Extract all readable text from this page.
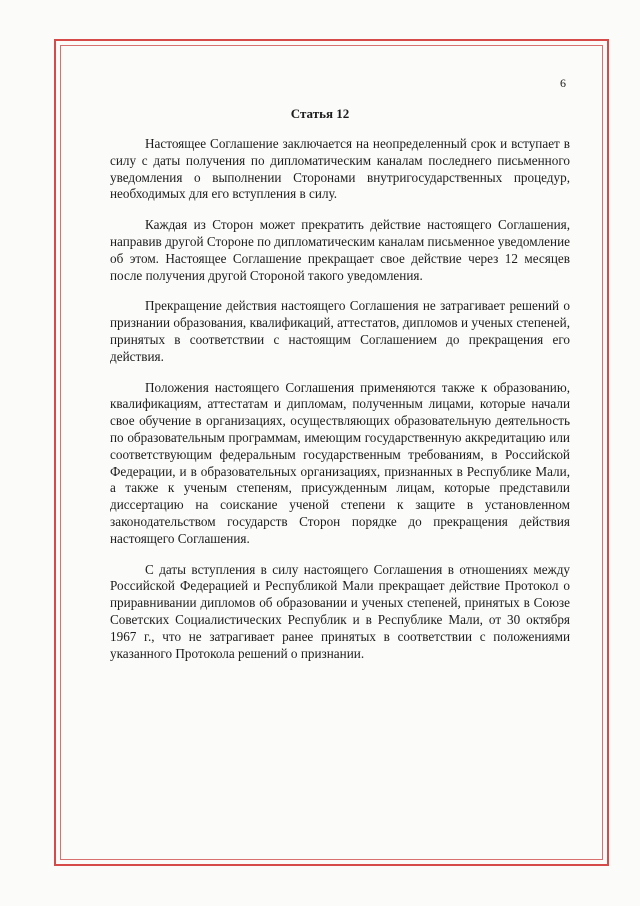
6
Статья 12

Настоящее Соглашение заключается на неопределенный срок и вступает в силу с даты получения по дипломатическим каналам последнего письменного уведомления о выполнении Сторонами внутригосударственных процедур, необходимых для его вступления в силу.

Каждая из Сторон может прекратить действие настоящего Соглашения, направив другой Стороне по дипломатическим каналам письменное уведомление об этом. Настоящее Соглашение прекращает свое действие через 12 месяцев после получения другой Стороной такого уведомления.

Прекращение действия настоящего Соглашения не затрагивает решений о признании образования, квалификаций, аттестатов, дипломов и ученых степеней, принятых в соответствии с настоящим Соглашением до прекращения его действия.

Положения настоящего Соглашения применяются также к образованию, квалификациям, аттестатам и дипломам, полученным лицами, которые начали свое обучение в организациях, осуществляющих образовательную деятельность по образовательным программам, имеющим государственную аккредитацию или соответствующим федеральным государственным требованиям, в Российской Федерации, и в образовательных организациях, признанных в Республике Мали, а также к ученым степеням, присужденным лицам, которые представили диссертацию на соискание ученой степени к защите в установленном законодательством государств Сторон порядке до прекращения действия настоящего Соглашения.

С даты вступления в силу настоящего Соглашения в отношениях между Российской Федерацией и Республикой Мали прекращает действие Протокол о приравнивании дипломов об образовании и ученых степеней, принятых в Союзе Советских Социалистических Республик и в Республике Мали, от 30 октября 1967 г., что не затрагивает ранее принятых в соответствии с положениями указанного Протокола решений о признании.
